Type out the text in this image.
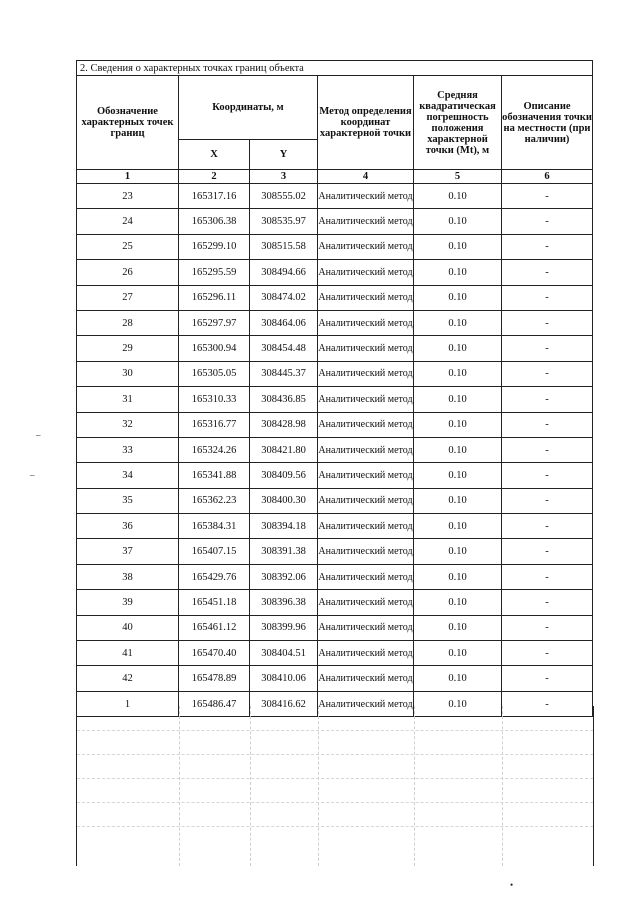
2. Сведения о характерных точках границ объекта					
Обозначение характерных точек границ	Координаты, м		Метод определения координат характерной точки	Средняя квадратическая погрешность положения характерной точки (Mt), м	Описание обозначения точки на местности (при наличии)
	X	Y			
1	2	3	4	5	6
23	165317.16	308555.02	Аналитический метод	0.10	-
24	165306.38	308535.97	Аналитический метод	0.10	-
25	165299.10	308515.58	Аналитический метод	0.10	-
26	165295.59	308494.66	Аналитический метод	0.10	-
27	165296.11	308474.02	Аналитический метод	0.10	-
28	165297.97	308464.06	Аналитический метод	0.10	-
29	165300.94	308454.48	Аналитический метод	0.10	-
30	165305.05	308445.37	Аналитический метод	0.10	-
31	165310.33	308436.85	Аналитический метод	0.10	-
32	165316.77	308428.98	Аналитический метод	0.10	-
33	165324.26	308421.80	Аналитический метод	0.10	-
34	165341.88	308409.56	Аналитический метод	0.10	-
35	165362.23	308400.30	Аналитический метод	0.10	-
36	165384.31	308394.18	Аналитический метод	0.10	-
37	165407.15	308391.38	Аналитический метод	0.10	-
38	165429.76	308392.06	Аналитический метод	0.10	-
39	165451.18	308396.38	Аналитический метод	0.10	-
40	165461.12	308399.96	Аналитический метод	0.10	-
41	165470.40	308404.51	Аналитический метод	0.10	-
42	165478.89	308410.06	Аналитический метод	0.10	-
1	165486.47	308416.62	Аналитический метод	0.10	-
–
–
•
